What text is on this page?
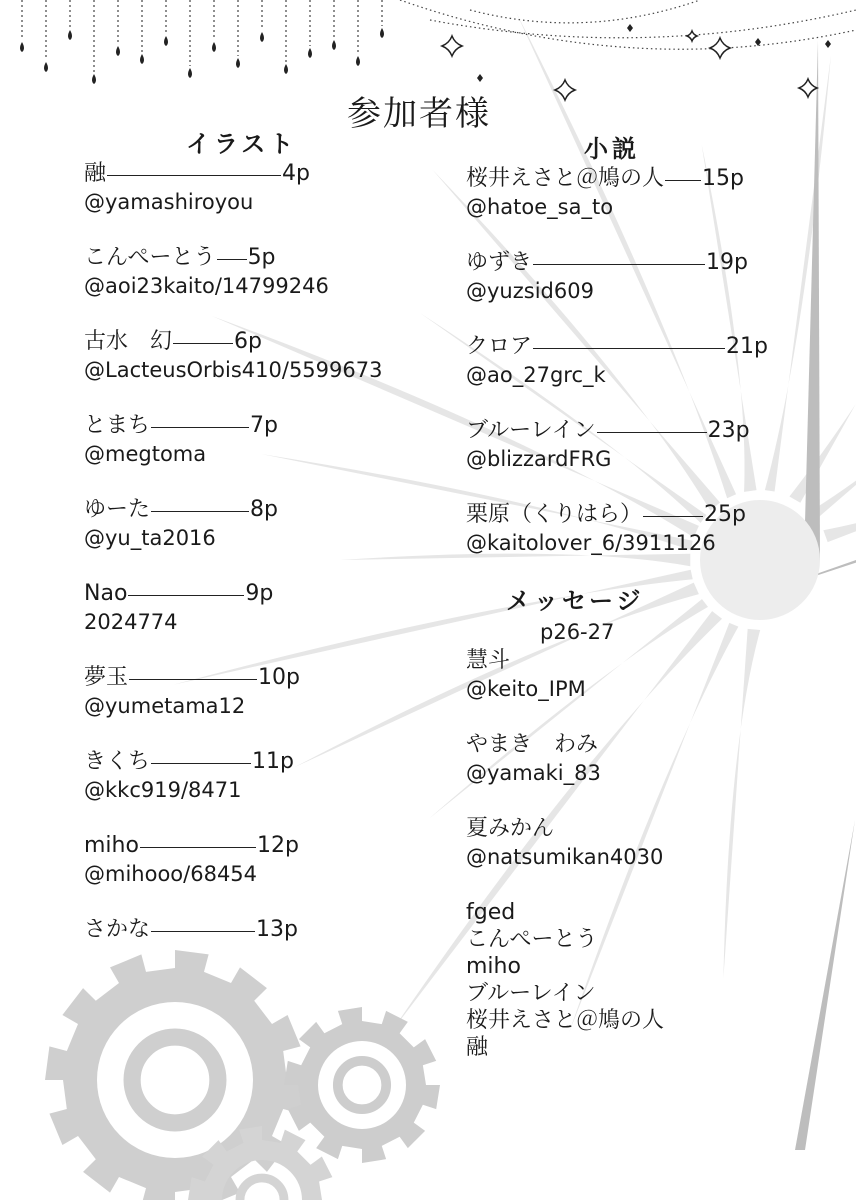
参加者様
イラスト
融	4p
@yamashiroyou
こんぺーとう 5p
@aoi23kaito/14799246
古水　幻	6p
@LacteusOrbis410/5599673
とまち	7p
@megtoma
ゆーた	8p
@yu_ta2016
Nao	9p
2024774
夢玉	10p
@yumetama12
きくち	11p
@kkc919/8471
miho	12p
@mihooo/68454
さかな	13p
小説
桜井えさと＠鳩の人 15p
@hatoe_sa_to
ゆずき	19p
@yuzsid609
クロア	21p
@ao_27grc_k
ブルーレイン	23p
@blizzardFRG
栗原（くりはら）	25p
@kaitolover_6/3911126
メッセージ
p26-27
慧斗
@keito_IPM
やまき　わみ
@yamaki_83
夏みかん
@natsumikan4030
fged
こんぺーとう
miho
ブルーレイン
桜井えさと＠鳩の人
融
